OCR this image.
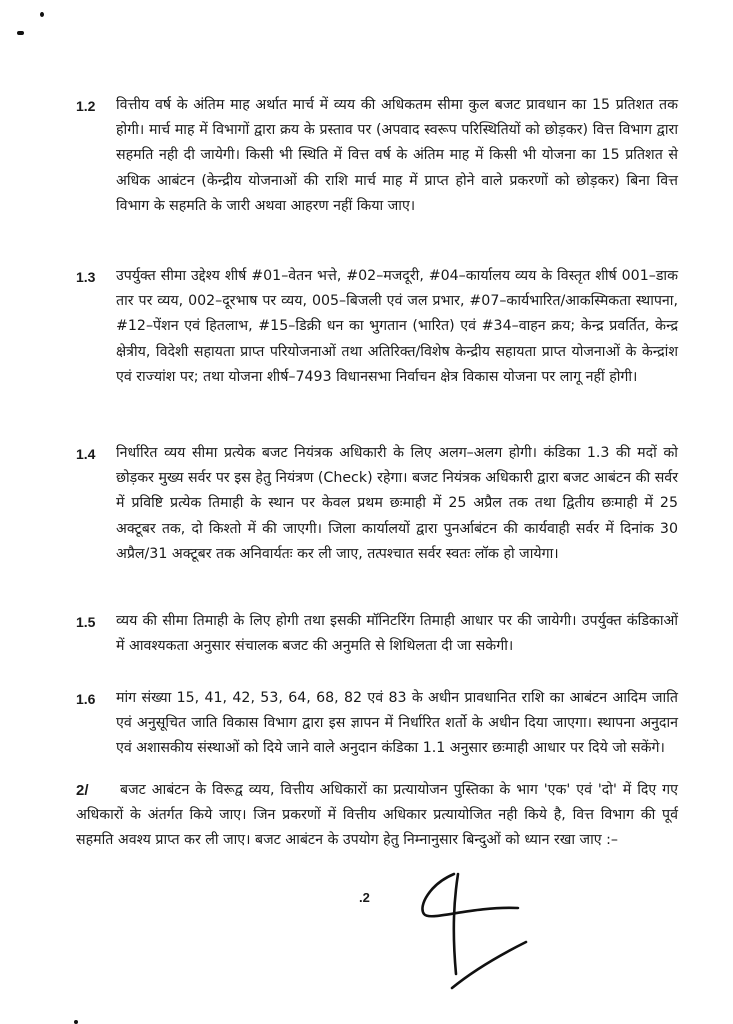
1.2 वित्तीय वर्ष के अंतिम माह अर्थात मार्च में व्यय की अधिकतम सीमा कुल बजट प्रावधान का 15 प्रतिशत तक होगी। मार्च माह में विभागों द्वारा क्रय के प्रस्ताव पर (अपवाद स्वरूप परिस्थितियों को छोड़कर) वित्त विभाग द्वारा सहमति नही दी जायेगी। किसी भी स्थिति में वित्त वर्ष के अंतिम माह में किसी भी योजना का 15 प्रतिशत से अधिक आबंटन (केन्द्रीय योजनाओं की राशि मार्च माह में प्राप्त होने वाले प्रकरणों को छोड़कर) बिना वित्त विभाग के सहमति के जारी अथवा आहरण नहीं किया जाए।
1.3 उपर्युक्त सीमा उद्देश्य शीर्ष #01–वेतन भत्ते, #02–मजदूरी, #04–कार्यालय व्यय के विस्तृत शीर्ष 001–डाक तार पर व्यय, 002–दूरभाष पर व्यय, 005–बिजली एवं जल प्रभार, #07–कार्यभारित/आकस्मिकता स्थापना, #12–पेंशन एवं हितलाभ, #15–डिक्री धन का भुगतान (भारित) एवं #34–वाहन क्रय; केन्द्र प्रवर्तित, केन्द्र क्षेत्रीय, विदेशी सहायता प्राप्त परियोजनाओं तथा अतिरिक्त/विशेष केन्द्रीय सहायता प्राप्त योजनाओं के केन्द्रांश एवं राज्यांश पर; तथा योजना शीर्ष–7493 विधानसभा निर्वाचन क्षेत्र विकास योजना पर लागू नहीं होगी।
1.4 निर्धारित व्यय सीमा प्रत्येक बजट नियंत्रक अधिकारी के लिए अलग–अलग होगी। कंडिका 1.3 की मदों को छोड़कर मुख्य सर्वर पर इस हेतु नियंत्रण (Check) रहेगा। बजट नियंत्रक अधिकारी द्वारा बजट आबंटन की सर्वर में प्रविष्टि प्रत्येक तिमाही के स्थान पर केवल प्रथम छःमाही में 25 अप्रैल तक तथा द्वितीय छःमाही में 25 अक्टूबर तक, दो किश्तो में की जाएगी। जिला कार्यालयों द्वारा पुनर्आबंटन की कार्यवाही सर्वर में दिनांक 30 अप्रैल/31 अक्टूबर तक अनिवार्यतः कर ली जाए, तत्पश्चात सर्वर स्वतः लॉक हो जायेगा।
1.5 व्यय की सीमा तिमाही के लिए होगी तथा इसकी मॉनिटरिंग तिमाही आधार पर की जायेगी। उपर्युक्त कंडिकाओं में आवश्यकता अनुसार संचालक बजट की अनुमति से शिथिलता दी जा सकेगी।
1.6 मांग संख्या 15, 41, 42, 53, 64, 68, 82 एवं 83 के अधीन प्रावधानित राशि का आबंटन आदिम जाति एवं अनुसूचित जाति विकास विभाग द्वारा इस ज्ञापन में निर्धारित शर्तो के अधीन दिया जाएगा। स्थापना अनुदान एवं अशासकीय संस्थाओं को दिये जाने वाले अनुदान कंडिका 1.1 अनुसार छःमाही आधार पर दिये जो सकेंगे।
2/	बजट आबंटन के विरूद्व व्यय, वित्तीय अधिकारों का प्रत्यायोजन पुस्तिका के भाग 'एक' एवं 'दो' में दिए गए अधिकारों के अंतर्गत किये जाए। जिन प्रकरणों में वित्तीय अधिकार प्रत्यायोजित नही किये है, वित्त विभाग की पूर्व सहमति अवश्य प्राप्त कर ली जाए। बजट आबंटन के उपयोग हेतु निम्नानुसार बिन्दुओं को ध्यान रखा जाए :–
.2
